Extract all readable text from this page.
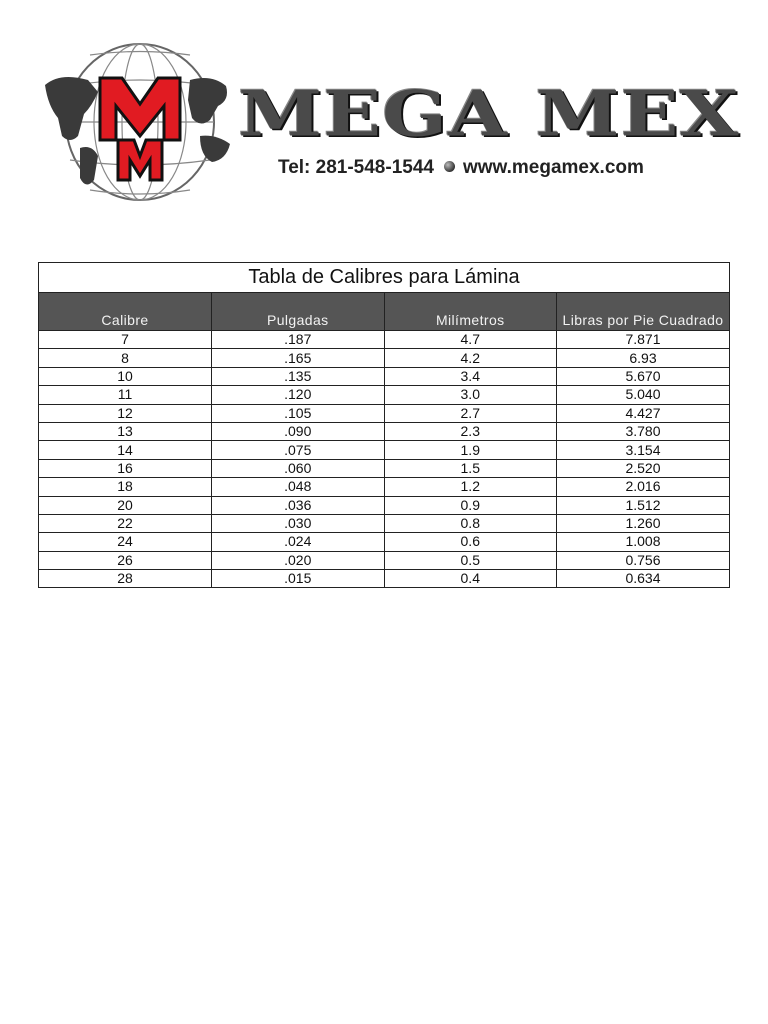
MEGA MEX
Tel: 281-548-1544 www.megamex.com
Tabla de Calibres para Lámina
Calibre	Pulgadas	Milímetros	Libras por Pie Cuadrado
7	.187	4.7	7.871
8	.165	4.2	6.93
10	.135	3.4	5.670
11	.120	3.0	5.040
12	.105	2.7	4.427
13	.090	2.3	3.780
14	.075	1.9	3.154
16	.060	1.5	2.520
18	.048	1.2	2.016
20	.036	0.9	1.512
22	.030	0.8	1.260
24	.024	0.6	1.008
26	.020	0.5	0.756
28	.015	0.4	0.634
